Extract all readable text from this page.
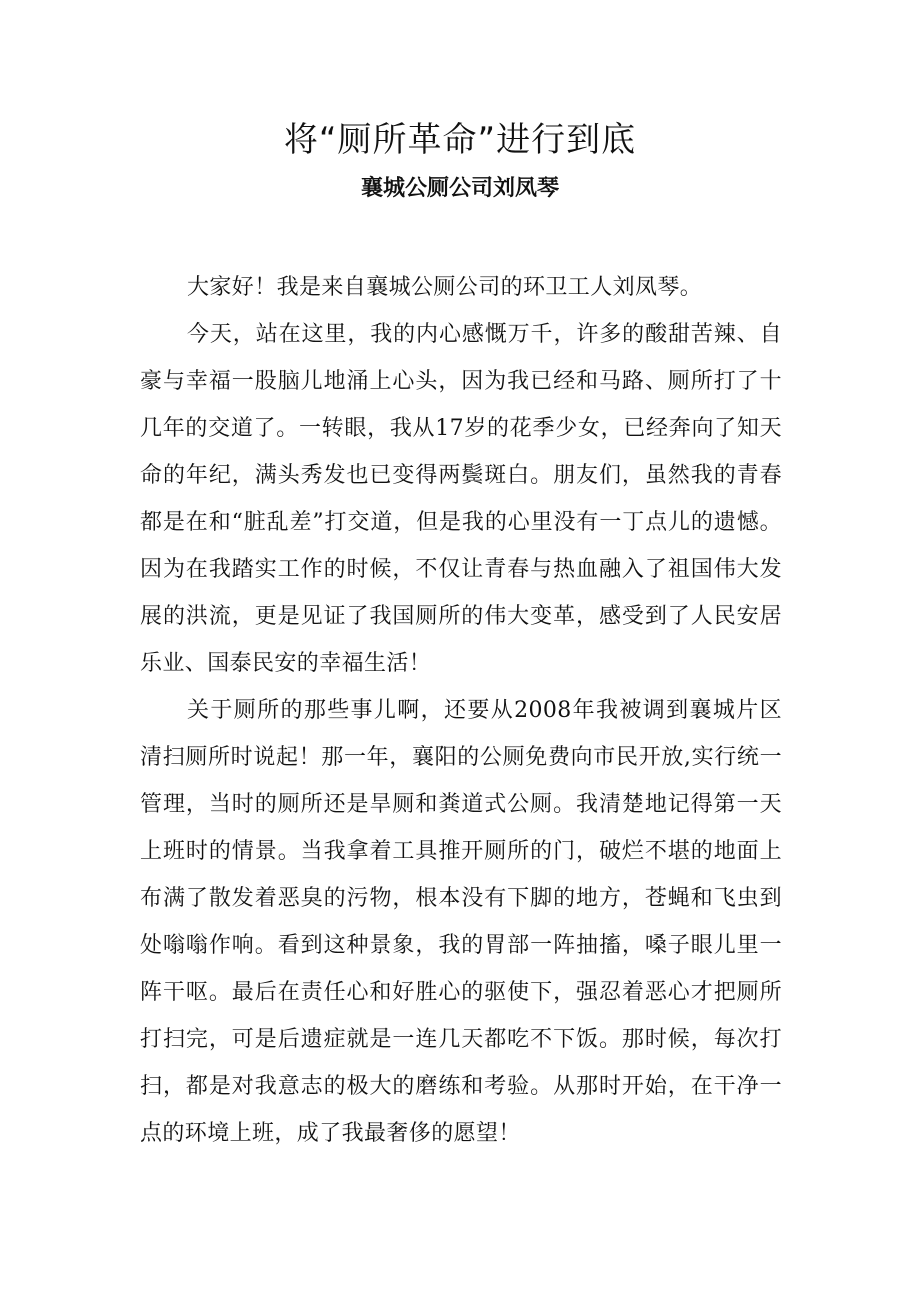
将“厕所革命”进行到底
襄城公厕公司刘凤琴

大家好！我是来自襄城公厕公司的环卫工人刘凤琴。

今天，站在这里，我的内心感慨万千，许多的酸甜苦辣、自豪与幸福一股脑儿地涌上心头，因为我已经和马路、厕所打了十几年的交道了。一转眼，我从17岁的花季少女，已经奔向了知天命的年纪，满头秀发也已变得两鬓斑白。朋友们，虽然我的青春都是在和“脏乱差”打交道，但是我的心里没有一丁点儿的遗憾。因为在我踏实工作的时候，不仅让青春与热血融入了祖国伟大发展的洪流，更是见证了我国厕所的伟大变革，感受到了人民安居乐业、国泰民安的幸福生活！

关于厕所的那些事儿啊，还要从2008年我被调到襄城片区清扫厕所时说起！那一年，襄阳的公厕免费向市民开放,实行统一管理，当时的厕所还是旱厕和粪道式公厕。我清楚地记得第一天上班时的情景。当我拿着工具推开厕所的门，破烂不堪的地面上布满了散发着恶臭的污物，根本没有下脚的地方，苍蝇和飞虫到处嗡嗡作响。看到这种景象，我的胃部一阵抽搐，嗓子眼儿里一阵干呕。最后在责任心和好胜心的驱使下，强忍着恶心才把厕所打扫完，可是后遗症就是一连几天都吃不下饭。那时候，每次打扫，都是对我意志的极大的磨练和考验。从那时开始，在干净一点的环境上班，成了我最奢侈的愿望！
